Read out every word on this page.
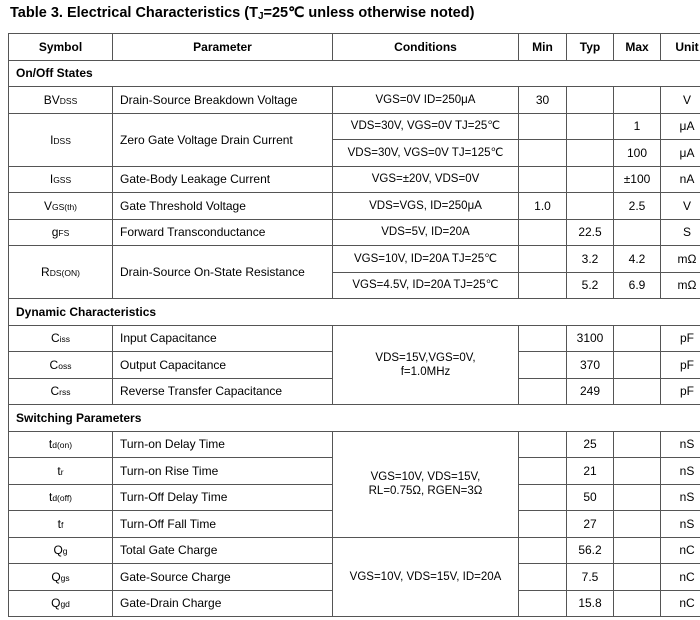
Table 3. Electrical Characteristics ($T_J=25℃$ unless otherwise noted)
Symbol	Parameter	Conditions	Min	Typ	Max	Unit
On/Off States						
BVDSS	Drain-Source Breakdown Voltage	VGS=0V ID=250μA	30			V
IDSS	Zero Gate Voltage Drain Current	VDS=30V, VGS=0V TJ=25℃			1	μA
		VDS=30V, VGS=0V TJ=125℃			100	μA
IGSS	Gate-Body Leakage Current	VGS=±20V, VDS=0V			±100	nA
VGS(th)	Gate Threshold Voltage	VDS=VGS, ID=250μA	1.0		2.5	V
gFS	Forward Transconductance	VDS=5V, ID=20A		22.5		S
RDS(ON)	Drain-Source On-State Resistance	VGS=10V, ID=20A TJ=25℃		3.2	4.2	mΩ
		VGS=4.5V, ID=20A TJ=25℃		5.2	6.9	mΩ
Dynamic Characteristics						
Ciss	Input Capacitance	VDS=15V,VGS=0V,
f=1.0MHz		3100		pF
Coss	Output Capacitance			370		pF
Crss	Reverse Transfer Capacitance			249		pF
Switching Parameters						
td(on)	Turn-on Delay Time	VGS=10V, VDS=15V,
RL=0.75Ω, RGEN=3Ω		25		nS
tr	Turn-on Rise Time			21		nS
td(off)	Turn-Off Delay Time			50		nS
tf	Turn-Off Fall Time			27		nS
Qg	Total Gate Charge	VGS=10V, VDS=15V, ID=20A		56.2		nC
Qgs	Gate-Source Charge			7.5		nC
Qgd	Gate-Drain Charge			15.8		nC
